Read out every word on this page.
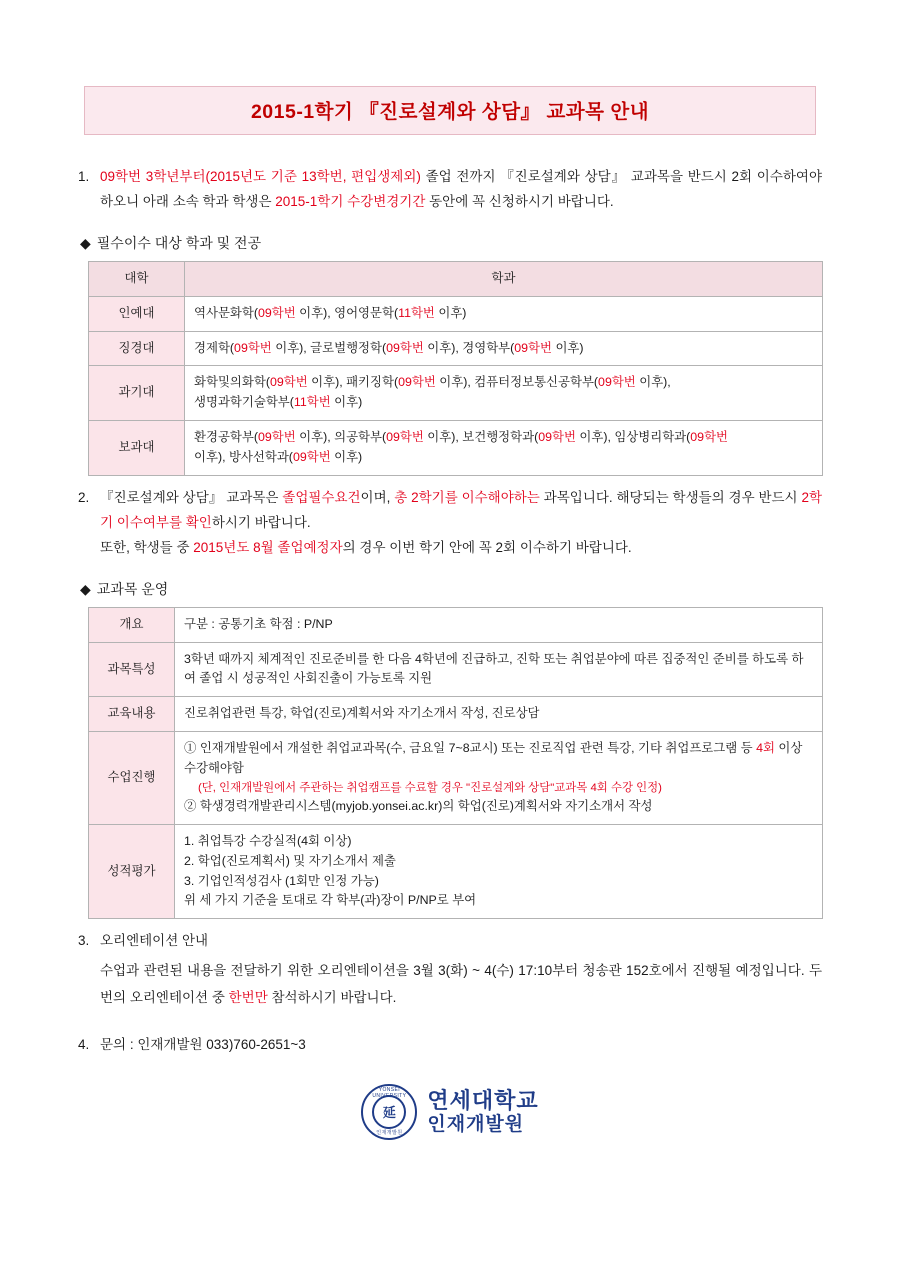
2015-1학기 『진로설계와 상담』 교과목 안내
1. 09학번 3학년부터(2015년도 기준 13학번, 편입생제외) 졸업 전까지 『진로설계와 상담』 교과목을 반드시 2회 이수하여야 하오니 아래 소속 학과 학생은 2015-1학기 수강변경기간 동안에 꼭 신청하시기 바랍니다.
◆ 필수이수 대상 학과 및 전공
대학	학과
인예대	역사문화학(09학번 이후), 영어영문학(11학번 이후)
징경대	경제학(09학번 이후), 글로벌행정학(09학번 이후), 경영학부(09학번 이후)
과기대	화학및의화학(09학번 이후), 패키징학(09학번 이후), 컴퓨터정보통신공학부(09학번 이후),
생명과학기술학부(11학번 이후)
보과대	환경공학부(09학번 이후), 의공학부(09학번 이후), 보건행정학과(09학번 이후), 임상병리학과(09학번
이후), 방사선학과(09학번 이후)
2. 『진로설계와 상담』 교과목은 졸업필수요건이며, 총 2학기를 이수해야하는 과목입니다. 해당되는 학생들의 경우 반드시 2학기 이수여부를 확인하시기 바랍니다.
또한, 학생들 중 2015년도 8월 졸업예정자의 경우 이번 학기 안에 꼭 2회 이수하기 바랍니다.
◆ 교과목 운영
개요	구분 : 공통기초 학점 : P/NP
과목특성	3학년 때까지 체계적인 진로준비를 한 다음 4학년에 진급하고, 진학 또는 취업분야에 따른 집중적인 준비를 하도록 하여 졸업 시 성공적인 사회진출이 가능토록 지원
교육내용	진로취업관련 특강, 학업(진로)계획서와 자기소개서 작성, 진로상담
수업진행	① 인재개발원에서 개설한 취업교과목(수, 금요일 7~8교시) 또는 진로직업 관련 특강, 기타 취업프로그램 등 4회 이상 수강해야함
(단, 인재개발원에서 주관하는 취업캠프를 수료할 경우 "진로설계와 상담"교과목 4회 수강 인정)
② 학생경력개발관리시스템(myjob.yonsei.ac.kr)의 학업(진로)계획서와 자기소개서 작성

성적평가	1. 취업특강 수강실적(4회 이상)
2. 학업(진로계획서) 및 자기소개서 제출
3. 기업인적성검사 (1회만 인정 가능)
위 세 가지 기준을 토대로 각 학부(과)장이 P/NP로 부여
3. 오리엔테이션 안내
수업과 관련된 내용을 전달하기 위한 오리엔테이션을 3월 3(화) ~ 4(수) 17:10부터 청송관 152호에서 진행될 예정입니다. 두 번의 오리엔테이션 중 한번만 참석하시기 바랍니다.
4. 문의 : 인재개발원 033)760-2651~3
YONSEI UNIVERSITY
延
인재개발원
연세대학교
인재개발원
